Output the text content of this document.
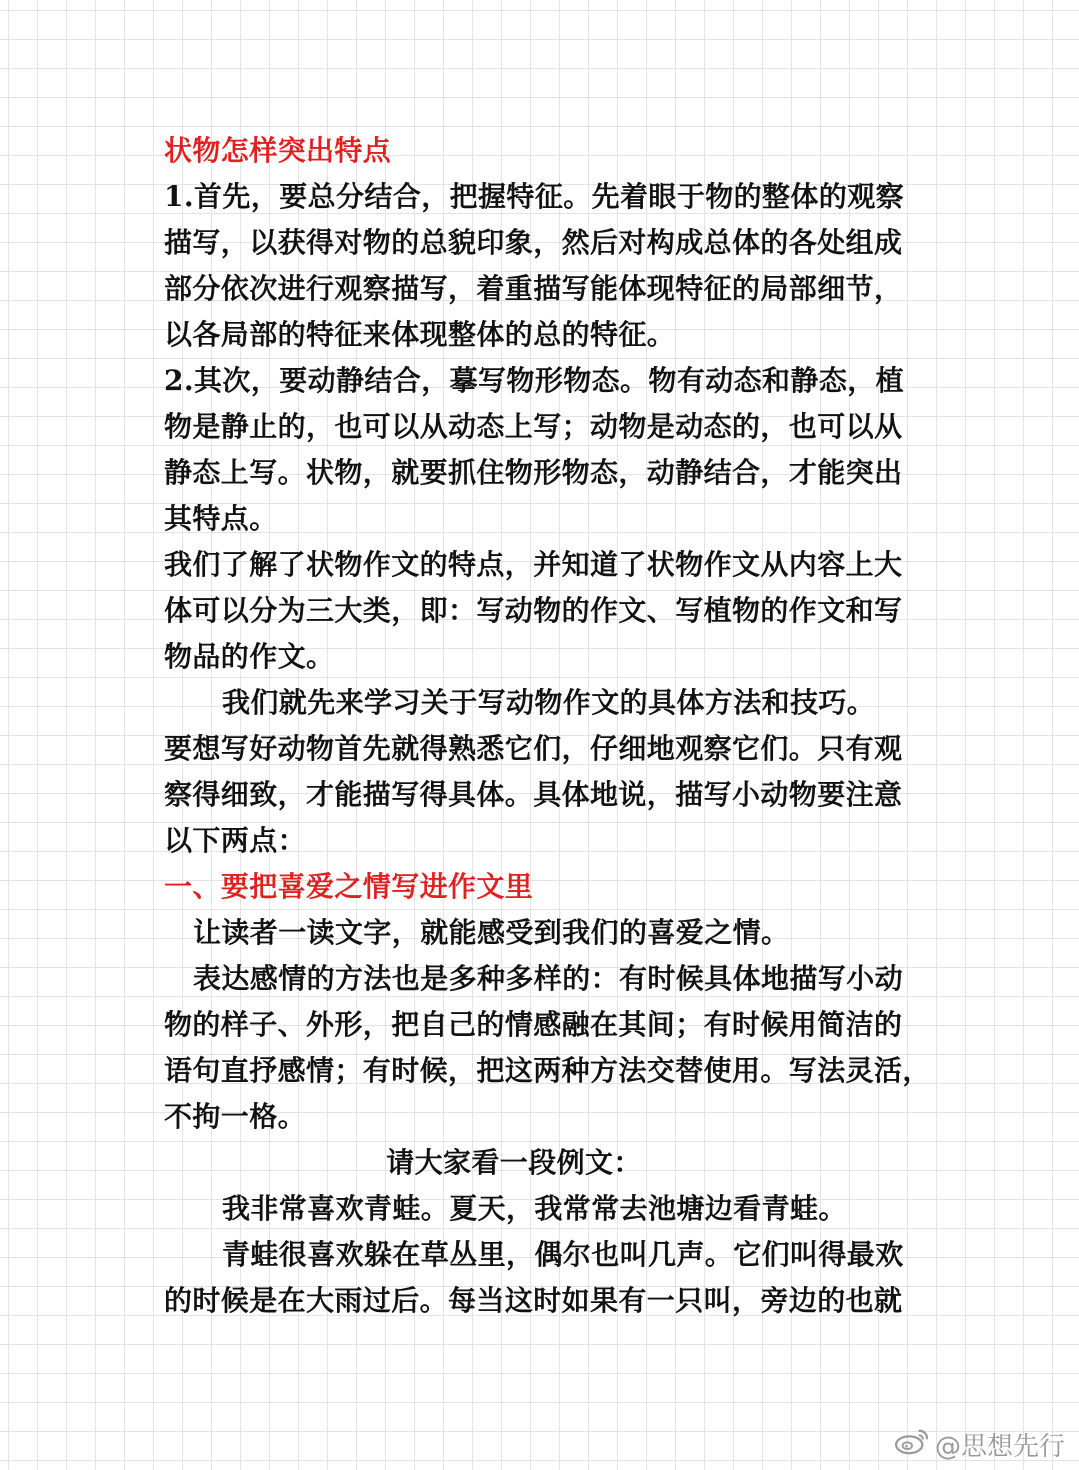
状物怎样突出特点
1.首先，要总分结合，把握特征。先着眼于物的整体的观察
描写，以获得对物的总貌印象，然后对构成总体的各处组成
部分依次进行观察描写，着重描写能体现特征的局部细节，
以各局部的特征来体现整体的总的特征。
2.其次，要动静结合，摹写物形物态。物有动态和静态，植
物是静止的，也可以从动态上写；动物是动态的，也可以从
静态上写。状物，就要抓住物形物态，动静结合，才能突出
其特点。
我们了解了状物作文的特点，并知道了状物作文从内容上大
体可以分为三大类，即：写动物的作文、写植物的作文和写
物品的作文。
我们就先来学习关于写动物作文的具体方法和技巧。
要想写好动物首先就得熟悉它们，仔细地观察它们。只有观
察得细致，才能描写得具体。具体地说，描写小动物要注意
以下两点：
一、要把喜爱之情写进作文里
让读者一读文字，就能感受到我们的喜爱之情。
表达感情的方法也是多种多样的：有时候具体地描写小动
物的样子、外形，把自己的情感融在其间；有时候用简洁的
语句直抒感情；有时候，把这两种方法交替使用。写法灵活，
不拘一格。
请大家看一段例文：
我非常喜欢青蛙。夏天，我常常去池塘边看青蛙。
青蛙很喜欢躲在草丛里，偶尔也叫几声。它们叫得最欢
的时候是在大雨过后。每当这时如果有一只叫，旁边的也就
@思想先行
